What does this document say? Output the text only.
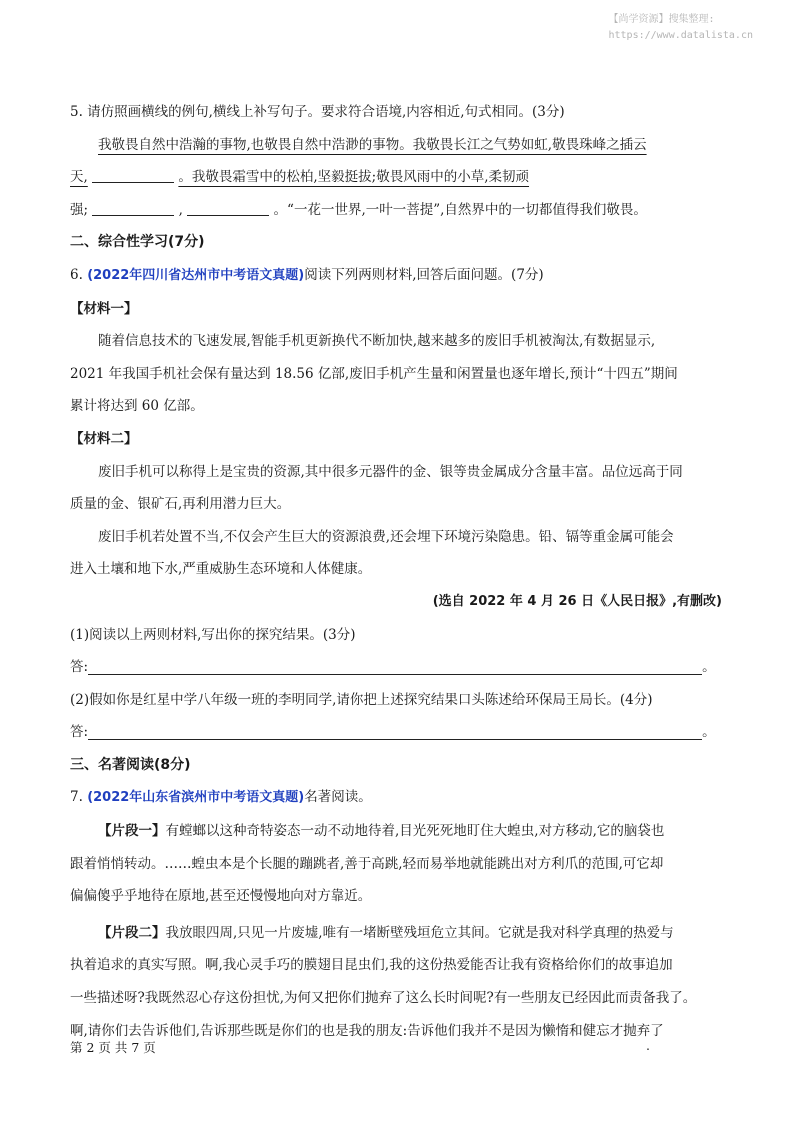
【尚学资源】搜集整理:
https://www.datalista.cn
5. 请仿照画横线的例句,横线上补写句子。要求符合语境,内容相近,句式相同。(3分)
我敬畏自然中浩瀚的事物,也敬畏自然中浩渺的事物。我敬畏长江之气势如虹,敬畏珠峰之插云
天,	。我敬畏霜雪中的松柏,坚毅挺拔;敬畏风雨中的小草,柔韧顽
强;	,	。“一花一世界,一叶一菩提”,自然界中的一切都值得我们敬畏。
二、综合性学习(7分)
6. (2022年四川省达州市中考语文真题)阅读下列两则材料,回答后面问题。(7分)
【材料一】
随着信息技术的飞速发展,智能手机更新换代不断加快,越来越多的废旧手机被淘汰,有数据显示,
2021 年我国手机社会保有量达到 18.56 亿部,废旧手机产生量和闲置量也逐年增长,预计“十四五”期间
累计将达到 60 亿部。
【材料二】
废旧手机可以称得上是宝贵的资源,其中很多元器件的金、银等贵金属成分含量丰富。品位远高于同
质量的金、银矿石,再利用潜力巨大。
废旧手机若处置不当,不仅会产生巨大的资源浪费,还会埋下环境污染隐患。铅、镉等重金属可能会
进入土壤和地下水,严重威胁生态环境和人体健康。
(选自 2022 年 4 月 26 日《人民日报》,有删改)
(1)阅读以上两则材料,写出你的探究结果。(3分)
答:	。
(2)假如你是红星中学八年级一班的李明同学,请你把上述探究结果口头陈述给环保局王局长。(4分)
答:	。
三、名著阅读(8分)
7. (2022年山东省滨州市中考语文真题)名著阅读。
【片段一】有螳螂以这种奇特姿态一动不动地待着,目光死死地盯住大蝗虫,对方移动,它的脑袋也
跟着悄悄转动。……蝗虫本是个长腿的蹦跳者,善于高跳,轻而易举地就能跳出对方利爪的范围,可它却
偏偏傻乎乎地待在原地,甚至还慢慢地向对方靠近。
【片段二】我放眼四周,只见一片废墟,唯有一堵断壁残垣危立其间。它就是我对科学真理的热爱与
执着追求的真实写照。啊,我心灵手巧的膜翅目昆虫们,我的这份热爱能否让我有资格给你们的故事追加
一些描述呀?我既然忍心存这份担忧,为何又把你们抛弃了这么长时间呢?有一些朋友已经因此而责备我了。
啊,请你们去告诉他们,告诉那些既是你们的也是我的朋友:告诉他们我并不是因为懒惰和健忘才抛弃了
第 2 页 共 7 页	.
